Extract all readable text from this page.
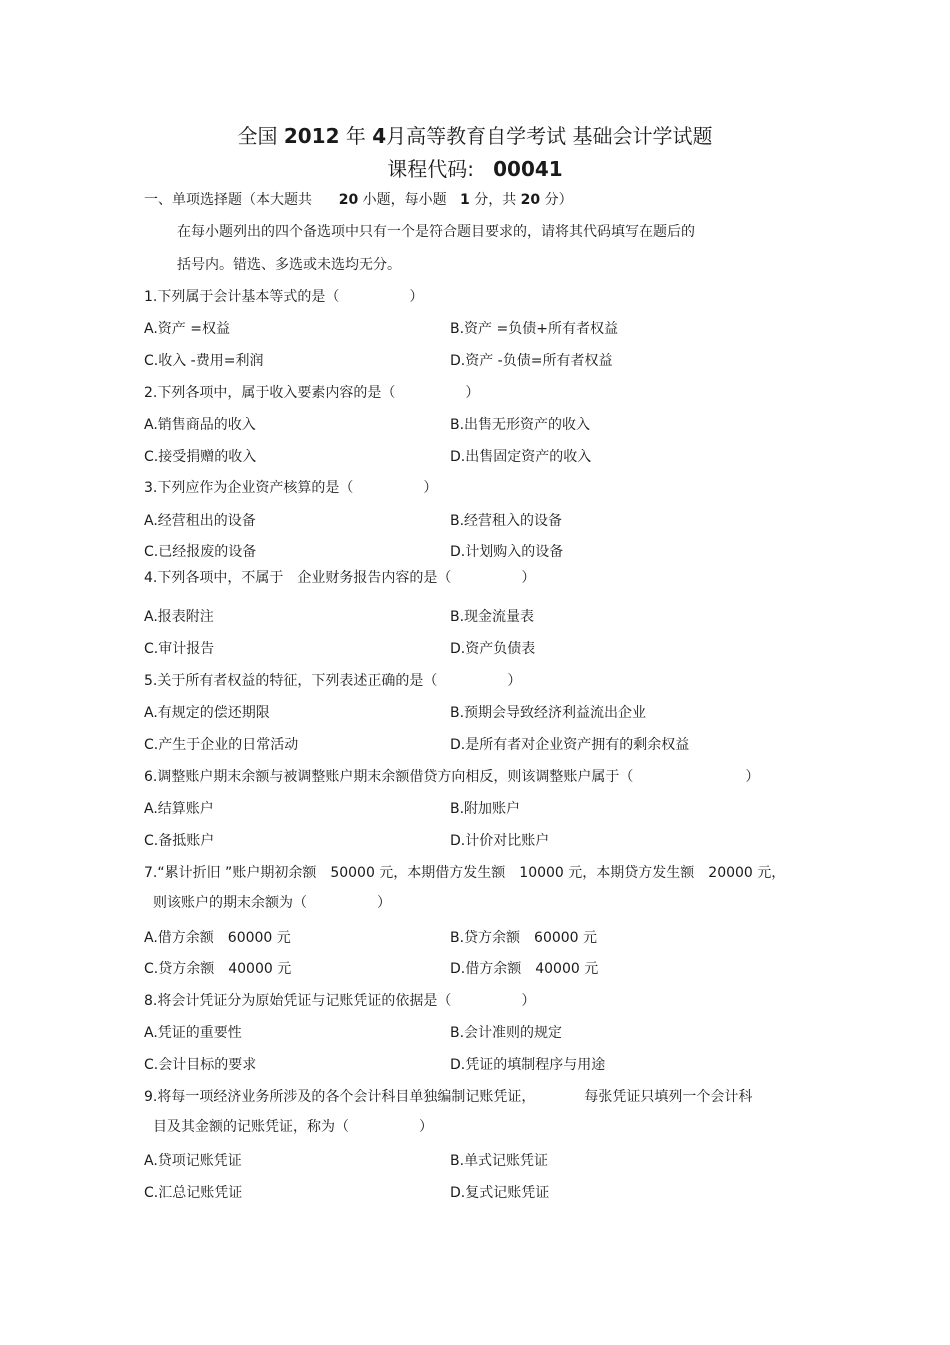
全国 2012 年 4月高等教育自学考试 基础会计学试题
课程代码: 00041
一、单项选择题（本大题共 20 小题，每小题 1 分，共 20 分）
在每小题列出的四个备选项中只有一个是符合题目要求的，请将其代码填写在题后的
括号内。错选、多选或未选均无分。
1.下列属于会计基本等式的是（　　　　　）
A.资产 =权益	B.资产 =负债+所有者权益
C.收入 -费用=利润	D.资产 -负债=所有者权益
2.下列各项中，属于收入要素内容的是（　　　　　）
A.销售商品的收入	B.出售无形资产的收入
C.接受捐赠的收入	D.出售固定资产的收入
3.下列应作为企业资产核算的是（　　　　　）
A.经营租出的设备	B.经营租入的设备
C.已经报废的设备	D.计划购入的设备
4.下列各项中，不属于　企业财务报告内容的是（　　　　　）
A.报表附注	B.现金流量表
C.审计报告	D.资产负债表
5.关于所有者权益的特征，下列表述正确的是（　　　　　）
A.有规定的偿还期限	B.预期会导致经济利益流出企业
C.产生于企业的日常活动	D.是所有者对企业资产拥有的剩余权益
6.调整账户期末余额与被调整账户期末余额借贷方向相反，则该调整账户属于（　　　　　　　　）
A.结算账户	B.附加账户
C.备抵账户	D.计价对比账户
7.“累计折旧 ”账户期初余额　50000 元，本期借方发生额　10000 元，本期贷方发生额　20000 元，
则该账户的期末余额为（　　　　　）
A.借方余额　60000 元	B.贷方余额　60000 元
C.贷方余额　40000 元	D.借方余额　40000 元
8.将会计凭证分为原始凭证与记账凭证的依据是（　　　　　）
A.凭证的重要性	B.会计准则的规定
C.会计目标的要求	D.凭证的填制程序与用途
9.将每一项经济业务所涉及的各个会计科目单独编制记账凭证，　　　　每张凭证只填列一个会计科
目及其金额的记账凭证，称为（　　　　　）
A.贷项记账凭证	B.单式记账凭证
C.汇总记账凭证	D.复式记账凭证
